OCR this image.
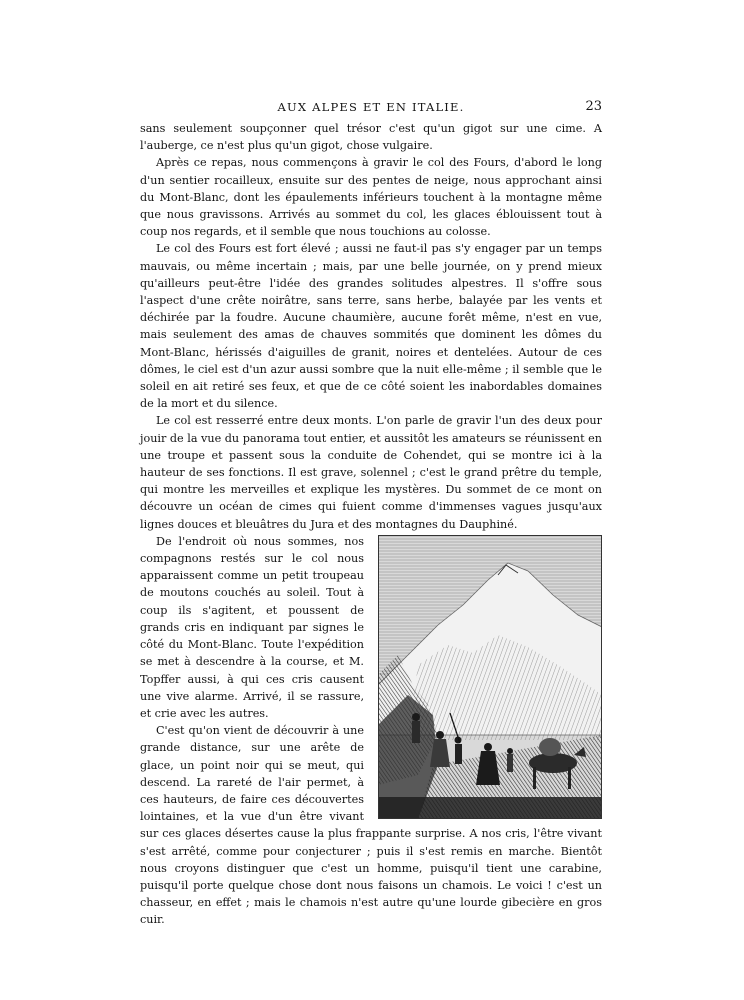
AUX ALPES ET EN ITALIE.	23

sans seulement soupçonner quel trésor c'est qu'un gigot sur une cime. A l'auberge, ce n'est plus qu'un gigot, chose vulgaire.

Après ce repas, nous commençons à gravir le col des Fours, d'abord le long d'un sentier rocailleux, ensuite sur des pentes de neige, nous approchant ainsi du Mont-Blanc, dont les épaulements inférieurs touchent à la montagne même que nous gravissons. Arrivés au sommet du col, les glaces éblouissent tout à coup nos regards, et il semble que nous touchions au colosse.

Le col des Fours est fort élevé ; aussi ne faut-il pas s'y engager par un temps mauvais, ou même incertain ; mais, par une belle journée, on y prend mieux qu'ailleurs peut-être l'idée des grandes solitudes alpestres. Il s'offre sous l'aspect d'une crête noirâtre, sans terre, sans herbe, balayée par les vents et déchirée par la foudre. Aucune chaumière, aucune forêt même, n'est en vue, mais seulement des amas de chauves sommités que dominent les dômes du Mont-Blanc, hérissés d'aiguilles de granit, noires et dentelées. Autour de ces dômes, le ciel est d'un azur aussi sombre que la nuit elle-même ; il semble que le soleil en ait retiré ses feux, et que de ce côté soient les inabordables domaines de la mort et du silence.

Le col est resserré entre deux monts. L'on parle de gravir l'un des deux pour jouir de la vue du panorama tout entier, et aussitôt les amateurs se réunissent en une troupe et passent sous la conduite de Cohendet, qui se montre ici à la hauteur de ses fonctions. Il est grave, solennel ; c'est le grand prêtre du temple, qui montre les merveilles et explique les mystères. Du sommet de ce mont on découvre un océan de cimes qui fuient comme d'immenses vagues jusqu'aux lignes douces et bleuâtres du Jura et des montagnes du Dauphiné.

De l'endroit où nous sommes, nos compagnons restés sur le col nous apparaissent comme un petit troupeau de moutons couchés au soleil. Tout à coup ils s'agitent, et poussent de grands cris en indiquant par signes le côté du Mont-Blanc. Toute l'expédition se met à descendre à la course, et M. Topffer aussi, à qui ces cris causent une vive alarme. Arrivé, il se rassure, et crie avec les autres.

C'est qu'on vient de découvrir à une grande distance, sur une arête de glace, un point noir qui se meut, qui descend. La rareté de l'air permet, à ces hauteurs, de faire ces découvertes lointaines, et la vue d'un être vivant sur ces glaces désertes cause la plus frappante surprise. A nos cris, l'être vivant s'est arrêté, comme pour conjecturer ; puis il s'est remis en marche. Bientôt nous croyons distinguer que c'est un homme, puisqu'il tient une carabine, puisqu'il porte quelque chose dont nous faisons un chamois. Le voici ! c'est un chasseur, en effet ; mais le chamois n'est autre qu'une lourde gibecière en gros cuir.
